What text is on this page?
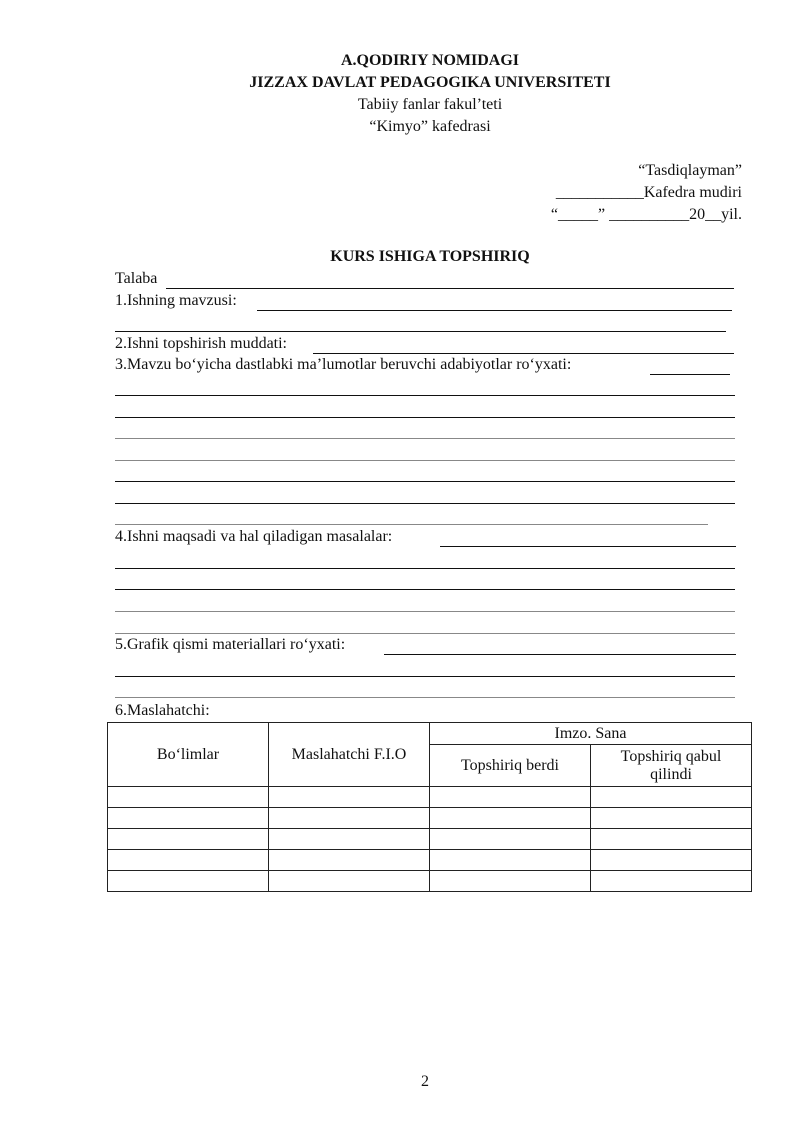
A.QODIRIY NOMIDAGI
JIZZAX DAVLAT PEDAGOGIKA UNIVERSITETI
Tabiiy fanlar fakul’teti
“Kimyo” kafedrasi
“Tasdiqlayman”
___________Kafedra mudiri
“_____” __________20__yil.
KURS ISHIGA TOPSHIRIQ
Talaba
1.Ishning mavzusi:
2.Ishni topshirish muddati:
3.Mavzu bo‘yicha dastlabki ma’lumotlar beruvchi adabiyotlar ro‘yxati:
4.Ishni maqsadi va hal qiladigan masalalar:
5.Grafik qismi materiallari ro‘yxati:
6.Maslahatchi:
Bo‘limlar	Maslahatchi F.I.O	Imzo. Sana	
		Topshiriq berdi	Topshiriq qabul qilindi

2
